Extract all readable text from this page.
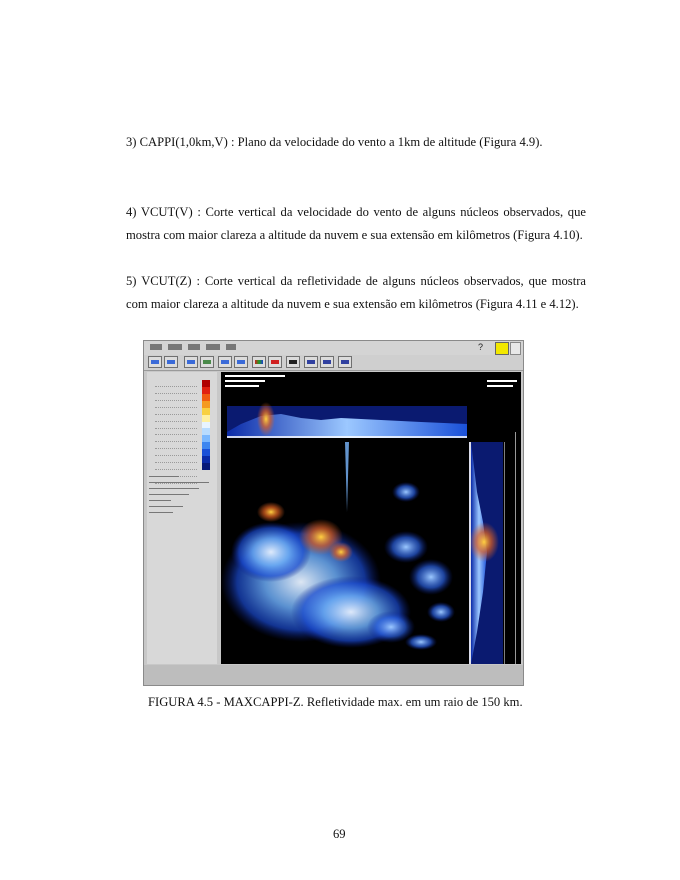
3) CAPPI(1,0km,V) : Plano da velocidade do vento a 1km de altitude (Figura 4.9).
4) VCUT(V) : Corte vertical da velocidade do vento de alguns núcleos observados, que mostra com maior clareza a altitude da nuvem e sua extensão em kilômetros (Figura 4.10).
5) VCUT(Z) : Corte vertical da refletividade de alguns núcleos observados, que mostra com maior clareza a altitude da nuvem e sua extensão em kilômetros (Figura 4.11 e 4.12).
?
FIGURA 4.5 - MAXCAPPI-Z. Refletividade max. em um raio de 150 km.
69
